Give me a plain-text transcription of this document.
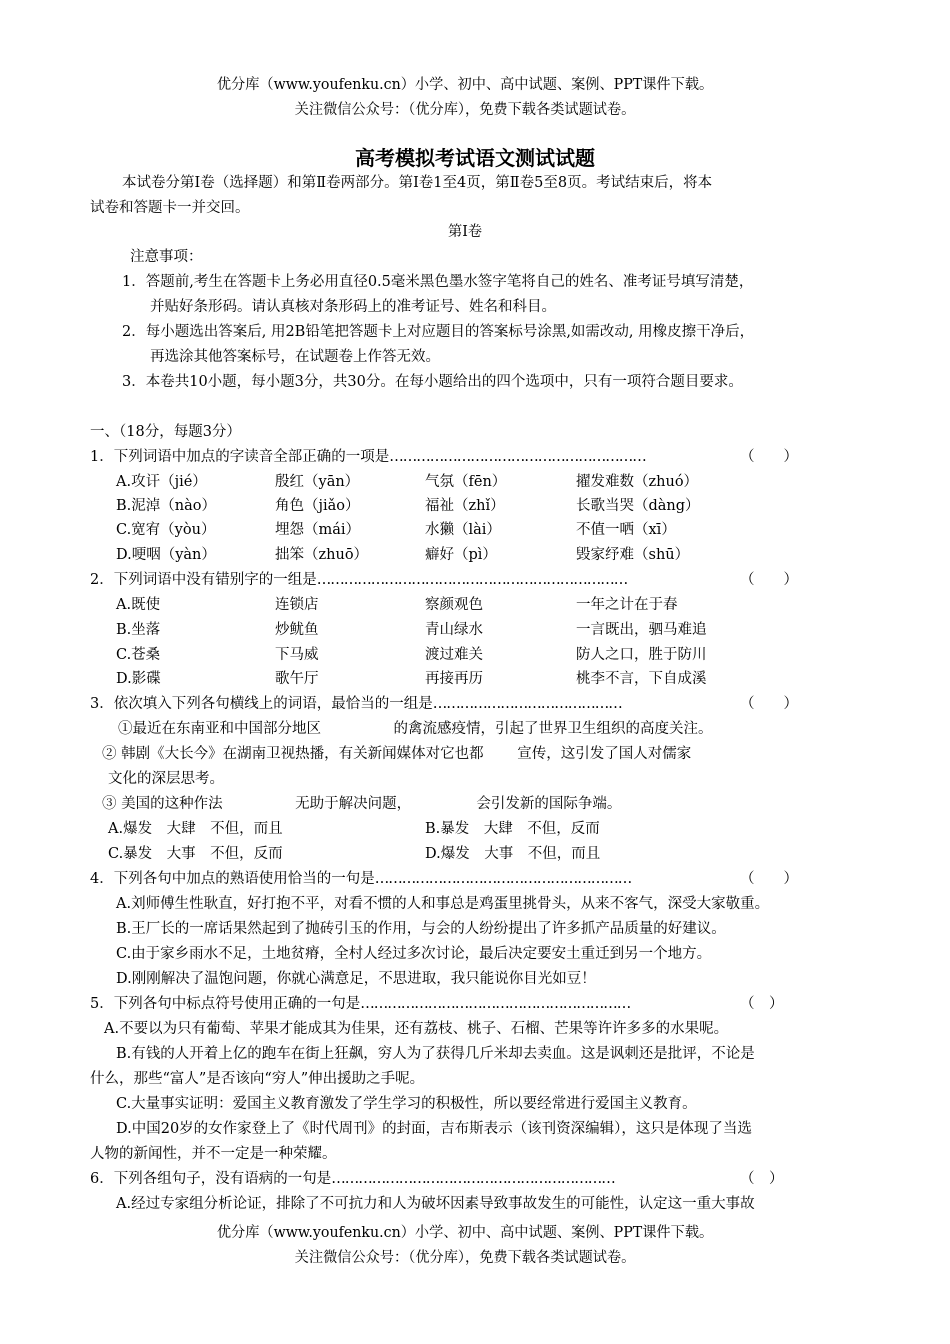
优分库（www.youfenku.cn）小学、初中、高中试题、案例、PPT课件下载。
关注微信公众号：（优分库），免费下载各类试题试卷。
高考模拟考试语文测试试题
本试卷分第Ⅰ卷（选择题）和第Ⅱ卷两部分。第Ⅰ卷1至4页，第Ⅱ卷5至8页。考试结束后，将本
试卷和答题卡一并交回。
第Ⅰ卷
注意事项：
1．答题前,考生在答题卡上务必用直径0.5毫米黑色墨水签字笔将自己的姓名、准考证号填写清楚，
并贴好条形码。请认真核对条形码上的准考证号、姓名和科目。
2．每小题选出答案后, 用2B铅笔把答题卡上对应题目的答案标号涂黑,如需改动, 用橡皮擦干净后，
再选涂其他答案标号，在试题卷上作答无效。
3．本卷共10小题，每小题3分，共30分。在每小题给出的四个选项中，只有一项符合题目要求。
一、（18分，每题3分）
1．下列词语中加点的字读音全部正确的一项是…………………………………………………	（　　）
A.攻讦（jié）	殷红（yān）	气氛（fēn）	擢发难数（zhuó）
B.泥淖（nào）	角色（jiǎo）	福祉（zhǐ）	长歌当哭（dàng）
C.宽宥（yòu）	埋怨（mái）	水獭（lài）	不值一哂（xī）
D.哽咽（yàn）	拙笨（zhuō）	癖好（pì）	毁家纾难（shū）
2．下列词语中没有错别字的一组是……………………………………………………………	（　　）
A.既使	连锁店	察颜观色	一年之计在于春
B.坐落	炒鱿鱼	青山绿水	一言既出，驷马难追
C.苍桑	下马威	渡过难关	防人之口，胜于防川
D.影碟	歌午厅	再接再历	桃李不言，下自成溪
3．依次填入下列各句横线上的词语，最恰当的一组是……………………………………	（　　）
①最近在东南亚和中国部分地区　　　　　的禽流感疫情，引起了世界卫生组织的高度关注。
② 韩剧《大长今》在湖南卫视热播，有关新闻媒体对它也都　　 宣传，这引发了国人对儒家
文化的深层思考。
③ 美国的这种作法　　　　　无助于解决问题，　　　　　会引发新的国际争端。
A.爆发　大肆　不但，而且	B.暴发　大肆　不但，反而
C.暴发　大事　不但，反而	D.爆发　大事　不但，而且
4．下列各句中加点的熟语使用恰当的一句是…………………………………………………	（　　）
A.刘师傅生性耿直，好打抱不平，对看不惯的人和事总是鸡蛋里挑骨头，从来不客气，深受大家敬重。
B.王厂长的一席话果然起到了抛砖引玉的作用，与会的人纷纷提出了许多抓产品质量的好建议。
C.由于家乡雨水不足，土地贫瘠，全村人经过多次讨论，最后决定要安土重迁到另一个地方。
D.刚刚解决了温饱问题，你就心满意足，不思进取，我只能说你目光如豆！
5．下列各句中标点符号使用正确的一句是……………………………………………………	（　）
A.不要以为只有葡萄、苹果才能成其为佳果，还有荔枝、桃子、石榴、芒果等许许多多的水果呢。
B.有钱的人开着上亿的跑车在街上狂飙，穷人为了获得几斤米却去卖血。这是讽刺还是批评，不论是
什么，那些“富人”是否该向“穷人”伸出援助之手呢。
C.大量事实证明：爱国主义教育激发了学生学习的积极性，所以要经常进行爱国主义教育。
D.中国20岁的女作家登上了《时代周刊》的封面，吉布斯表示（该刊资深编辑），这只是体现了当选
人物的新闻性，并不一定是一种荣耀。
6．下列各组句子，没有语病的一句是………………………………………………………	（　）
A.经过专家组分析论证，排除了不可抗力和人为破坏因素导致事故发生的可能性，认定这一重大事故
优分库（www.youfenku.cn）小学、初中、高中试题、案例、PPT课件下载。
关注微信公众号：（优分库），免费下载各类试题试卷。
